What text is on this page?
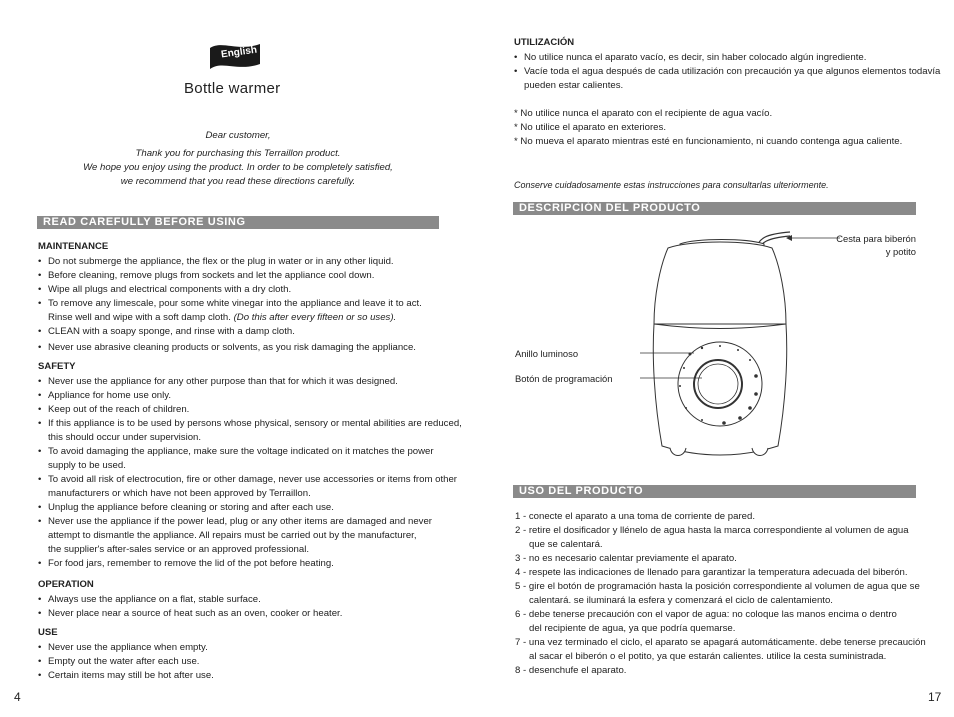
English
Bottle warmer
Dear customer,
Thank you for purchasing this Terraillon product.
We hope you enjoy using the product. In order to be completely satisfied,
we recommend that you read these directions carefully.
READ CAREFULLY BEFORE USING
MAINTENANCE
• Do not submerge the appliance, the flex or the plug in water or in any other liquid.
• Before cleaning, remove plugs from sockets and let the appliance cool down.
• Wipe all plugs and electrical components with a dry cloth.
• To remove any limescale, pour some white vinegar into the appliance and leave it to act.
Rinse well and wipe with a soft damp cloth. (Do this after every fifteen or so uses).
• CLEAN with a soapy sponge, and rinse with a damp cloth.
• Never use abrasive cleaning products or solvents, as you risk damaging the appliance.
SAFETY
• Never use the appliance for any other purpose than that for which it was designed.
• Appliance for home use only.
• Keep out of the reach of children.
• If this appliance is to be used by persons whose physical, sensory or mental abilities are reduced,
this should occur under supervision.
• To avoid damaging the appliance, make sure the voltage indicated on it matches the power
supply to be used.
• To avoid all risk of electrocution, fire or other damage, never use accessories or items from other
manufacturers or which have not been approved by Terraillon.
• Unplug the appliance before cleaning or storing and after each use.
• Never use the appliance if the power lead, plug or any other items are damaged and never
attempt to dismantle the appliance. All repairs must be carried out by the manufacturer,
the supplier's after-sales service or an approved professional.
• For food jars, remember to remove the lid of the pot before heating.
OPERATION
• Always use the appliance on a flat, stable surface.
• Never place near a source of heat such as an oven, cooker or heater.
USE
• Never use the appliance when empty.
• Empty out the water after each use.
• Certain items may still be hot after use.
4
UTILIZACIÓN
• No utilice nunca el aparato vacío, es decir, sin haber colocado algún ingrediente.
• Vacíe toda el agua después de cada utilización con precaución ya que algunos elementos todavía
pueden estar calientes.
* No utilice nunca el aparato con el recipiente de agua vacío.
* No utilice el aparato en exteriores.
* No mueva el aparato mientras esté en funcionamiento, ni cuando contenga agua caliente.
Conserve cuidadosamente estas instrucciones para consultarlas ulteriormente.
DESCRIPCIÓN DEL PRODUCTO
Cesta para biberón
y potito
Anillo luminoso
Botón de programación
USO DEL PRODUCTO
1 - conecte el aparato a una toma de corriente de pared.
2 - retire el dosificador y llénelo de agua hasta la marca correspondiente al volumen de agua
que se calentará.
3 - no es necesario calentar previamente el aparato.
4 - respete las indicaciones de llenado para garantizar la temperatura adecuada del biberón.
5 - gire el botón de programación hasta la posición correspondiente al volumen de agua que se
calentará. se iluminará la esfera y comenzará el ciclo de calentamiento.
6 - debe tenerse precaución con el vapor de agua: no coloque las manos encima o dentro
del recipiente de agua, ya que podría quemarse.
7 - una vez terminado el ciclo, el aparato se apagará automáticamente. debe tenerse precaución
al sacar el biberón o el potito, ya que estarán calientes. utilice la cesta suministrada.
8 - desenchufe el aparato.
17
